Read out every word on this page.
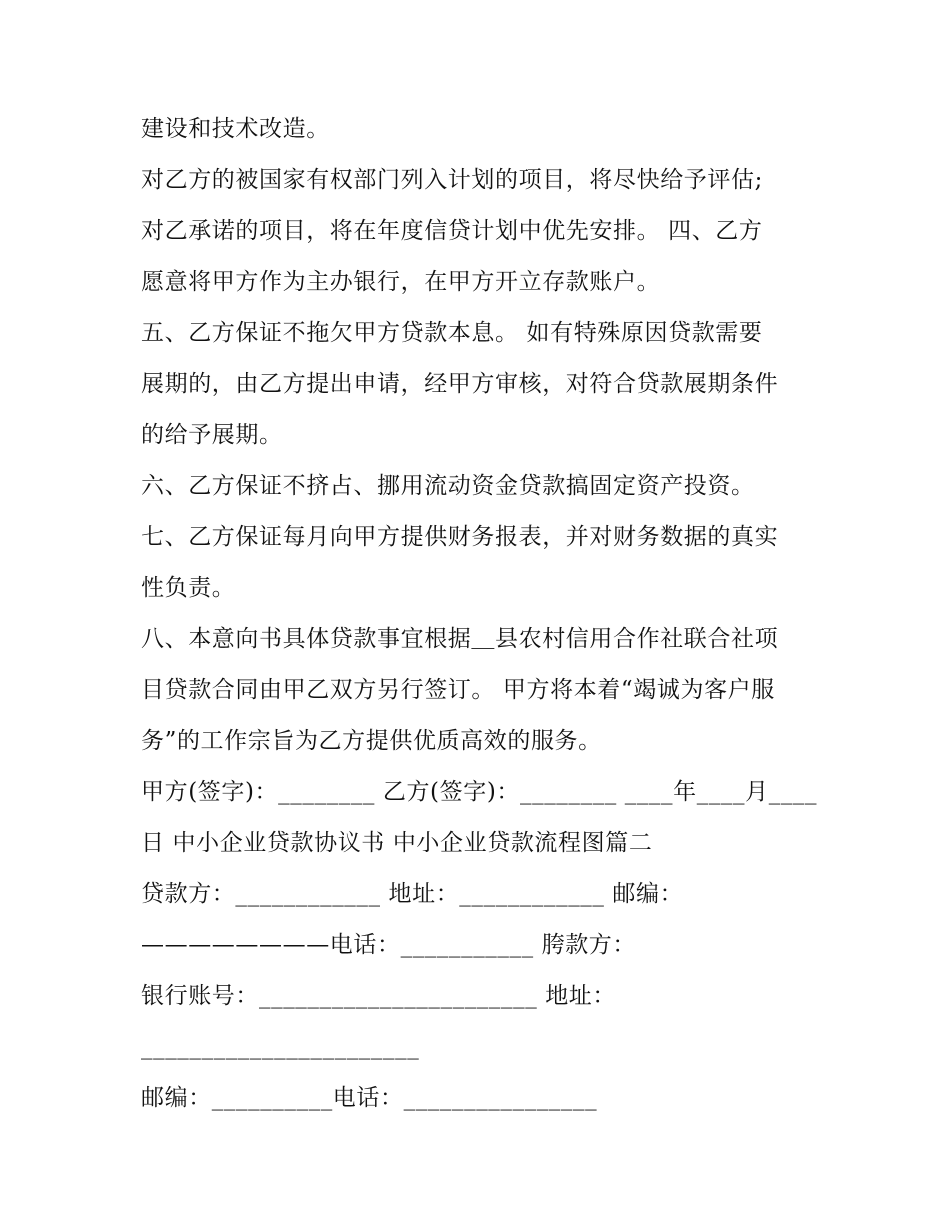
建设和技术改造。
对乙方的被国家有权部门列入计划的项目，将尽快给予评估;
对乙承诺的项目，将在年度信贷计划中优先安排。 四、乙方
愿意将甲方作为主办银行，在甲方开立存款账户。
五、乙方保证不拖欠甲方贷款本息。 如有特殊原因贷款需要
展期的，由乙方提出申请，经甲方审核，对符合贷款展期条件
的给予展期。
六、乙方保证不挤占、挪用流动资金贷款搞固定资产投资。
七、乙方保证每月向甲方提供财务报表，并对财务数据的真实
性负责。
八、本意向书具体贷款事宜根据＿县农村信用合作社联合社项
目贷款合同由甲乙双方另行签订。 甲方将本着“竭诚为客户服
务”的工作宗旨为乙方提供优质高效的服务。
甲方(签字)：________ 乙方(签字)：________ ____年____月____
日 中小企业贷款协议书 中小企业贷款流程图篇二
贷款方：____________ 地址：____________ 邮编：
————————电话：___________ 胯款方：
银行账号：_______________________ 地址：
_______________________
邮编：__________电话：________________
